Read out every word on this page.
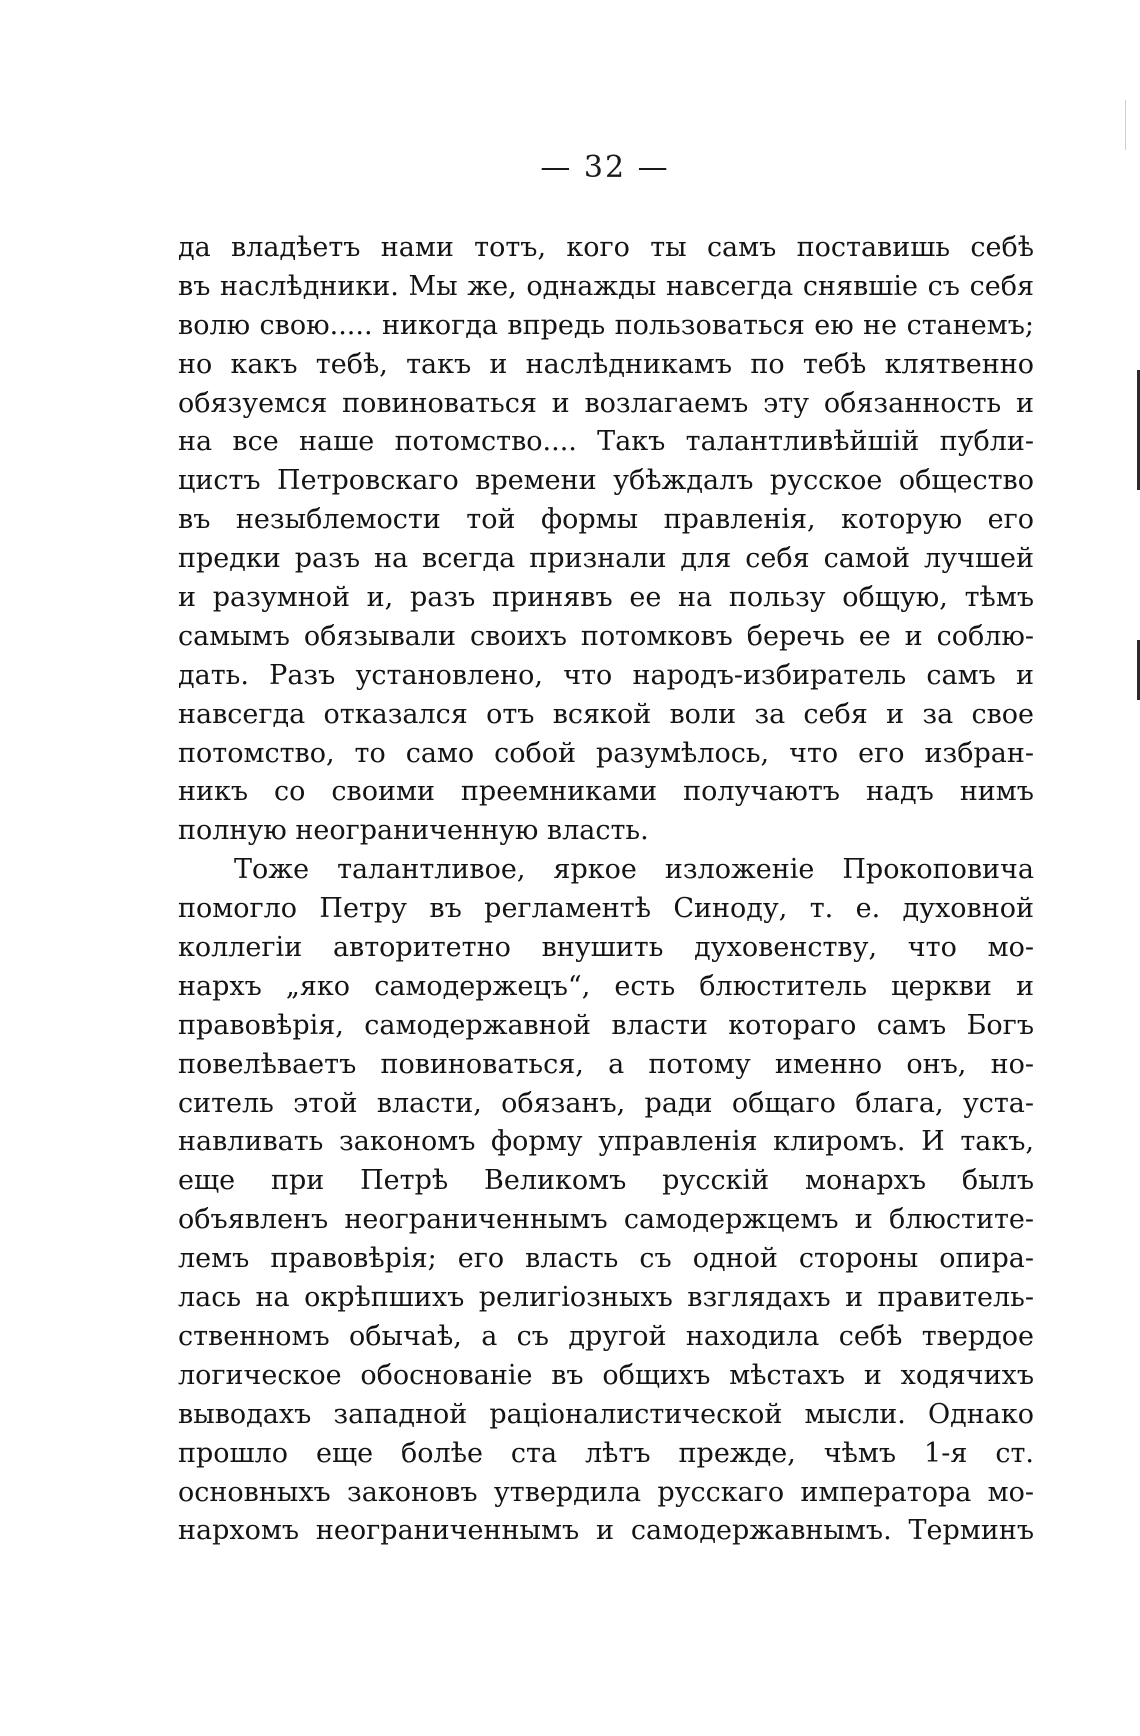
— 32 —
да владѣетъ нами тотъ, кого ты самъ поставишь себѣ
въ наслѣдники. Мы же, однажды навсегда снявшіе съ себя
волю свою..... никогда впредь пользоваться ею не станемъ;
но какъ тебѣ, такъ и наслѣдникамъ по тебѣ клятвенно
обязуемся повиноваться и возлагаемъ эту обязанность и
на все наше потомство.... Такъ талантливѣйшій публи-
цистъ Петровскаго времени убѣждалъ русское общество
въ незыблемости той формы правленія, которую его
предки разъ на всегда признали для себя самой лучшей
и разумной и, разъ принявъ ее на пользу общую, тѣмъ
самымъ обязывали своихъ потомковъ беречь ее и соблю-
дать. Разъ установлено, что народъ-избиратель самъ и
навсегда отказался отъ всякой воли за себя и за свое
потомство, то само собой разумѣлось, что его избран-
никъ со своими преемниками получаютъ надъ нимъ
полную неограниченную власть.
Тоже талантливое, яркое изложеніе Прокоповича
помогло Петру въ регламентѣ Синоду, т. е. духовной
коллегіи авторитетно внушить духовенству, что мо-
нархъ „яко самодержецъ“, есть блюститель церкви и
правовѣрія, самодержавной власти котораго самъ Богъ
повелѣваетъ повиноваться, а потому именно онъ, но-
ситель этой власти, обязанъ, ради общаго блага, уста-
навливать закономъ форму управленія клиромъ. И такъ,
еще при Петрѣ Великомъ русскій монархъ былъ
объявленъ неограниченнымъ самодержцемъ и блюстите-
лемъ правовѣрія; его власть съ одной стороны опира-
лась на окрѣпшихъ религіозныхъ взглядахъ и правитель-
ственномъ обычаѣ, а съ другой находила себѣ твердое
логическое обоснованіе въ общихъ мѣстахъ и ходячихъ
выводахъ западной раціоналистической мысли. Однако
прошло еще болѣе ста лѣтъ прежде, чѣмъ 1-я ст.
основныхъ законовъ утвердила русскаго императора мо-
нархомъ неограниченнымъ и самодержавнымъ. Терминъ
